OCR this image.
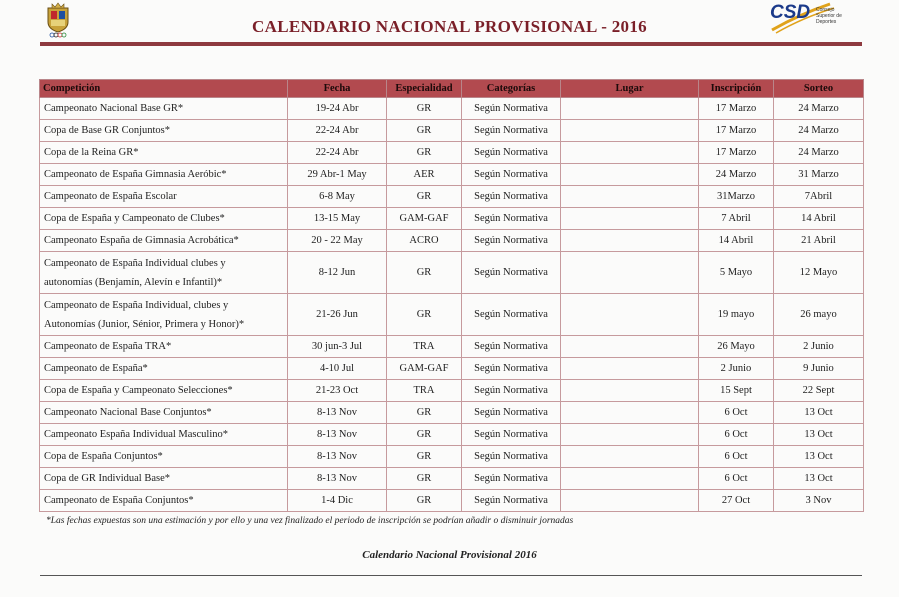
CSD Consejo Superior de Deportes
CALENDARIO NACIONAL PROVISIONAL - 2016
Competición	Fecha	Especialidad	Categorías	Lugar	Inscripción	Sorteo
Campeonato Nacional Base GR*	19-24 Abr	GR	Según Normativa		17 Marzo	24 Marzo
Copa de Base GR Conjuntos*	22-24 Abr	GR	Según Normativa		17 Marzo	24 Marzo
Copa de la Reina GR*	22-24 Abr	GR	Según Normativa		17 Marzo	24 Marzo
Campeonato de España Gimnasia Aeróbic*	29 Abr-1 May	AER	Según Normativa		24 Marzo	31 Marzo
Campeonato de España Escolar	6-8 May	GR	Según Normativa		31Marzo	7Abril
Copa de España y Campeonato de Clubes*	13-15 May	GAM-GAF	Según Normativa		7 Abril	14 Abril
Campeonato España de Gimnasia Acrobática*	20 - 22 May	ACRO	Según Normativa		14 Abril	21 Abril
Campeonato de España Individual clubes y
autonomías (Benjamín, Alevín e Infantil)*	8-12 Jun	GR	Según Normativa		5 Mayo	12 Mayo
Campeonato de España Individual, clubes y
Autonomías (Junior, Sénior, Primera y Honor)*	21-26 Jun	GR	Según Normativa		19 mayo	26 mayo
Campeonato de España TRA*	30 jun-3 Jul	TRA	Según Normativa		26 Mayo	2 Junio
Campeonato de España*	4-10 Jul	GAM-GAF	Según Normativa		2 Junio	9 Junio
Copa de España y Campeonato Selecciones*	21-23 Oct	TRA	Según Normativa		15 Sept	22 Sept
Campeonato Nacional Base Conjuntos*	8-13 Nov	GR	Según Normativa		6 Oct	13 Oct
Campeonato España Individual Masculino*	8-13 Nov	GR	Según Normativa		6 Oct	13 Oct
Copa de España Conjuntos*	8-13 Nov	GR	Según Normativa		6 Oct	13 Oct
Copa de GR Individual Base*	8-13 Nov	GR	Según Normativa		6 Oct	13 Oct
Campeonato de España Conjuntos*	1-4 Dic	GR	Según Normativa		27 Oct	3 Nov
*Las fechas expuestas son una estimación y por ello y una vez finalizado el periodo de inscripción se podrían añadir o disminuir jornadas
Calendario Nacional Provisional 2016
